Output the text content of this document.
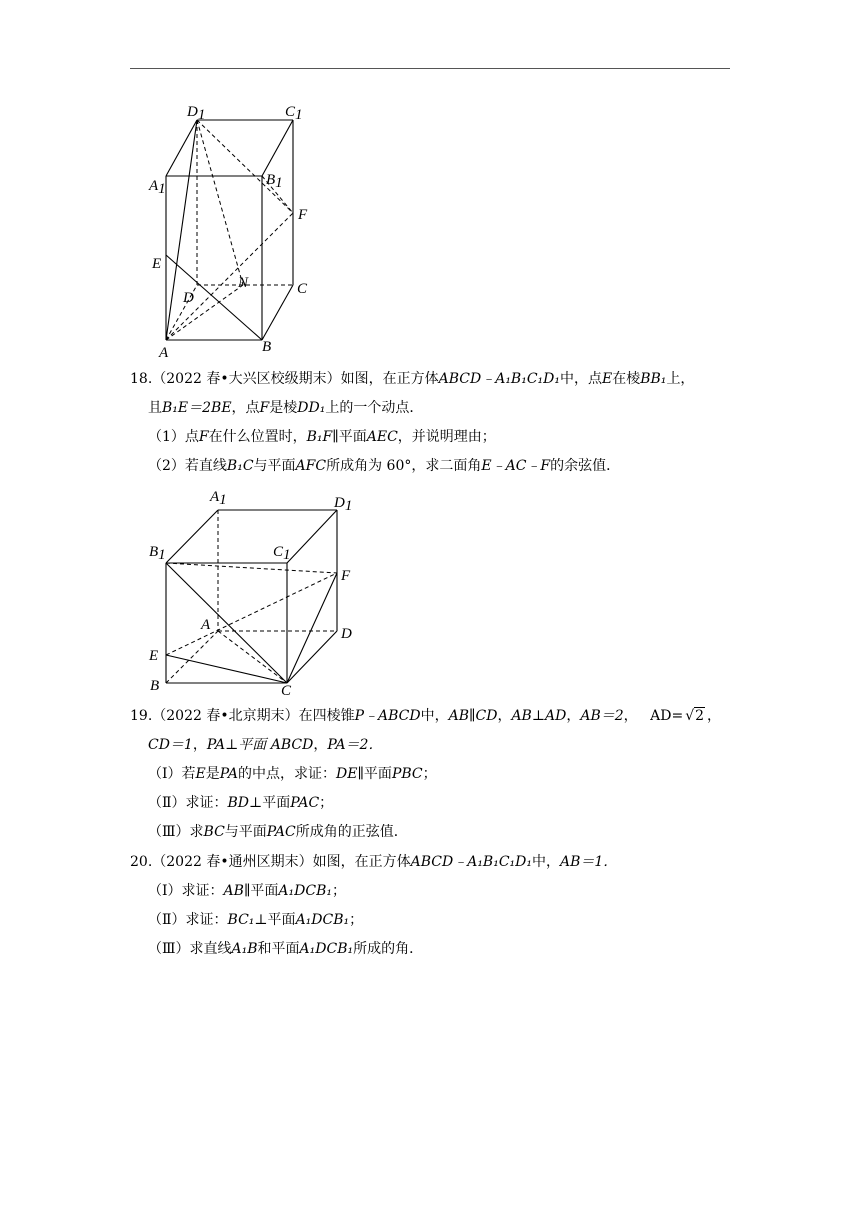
D1	C1
A1
B1
F
E
D
N	C
A	B
18.（2022 春•大兴区校级期末）如图，在正方体ABCD﹣A₁B₁C₁D₁中，点E在棱BB₁上，
且B₁E＝2BE，点F是棱DD₁上的一个动点．
（1）点F在什么位置时，B₁F∥平面AEC，并说明理由；
（2）若直线B₁C与平面AFC所成角为 60°，求二面角E﹣AC﹣F的余弦值．
A1	D1
B1	C1
F
A
D
E
B	C
19.（2022 春•北京期末）在四棱锥P﹣ABCD中，AB∥CD，AB⊥AD，AB＝2， AD= √2 ，
CD＝1，PA⊥平面 ABCD，PA＝2．
（Ⅰ）若E是PA的中点，求证：DE∥平面PBC；
（Ⅱ）求证：BD⊥平面PAC；
（Ⅲ）求BC与平面PAC所成角的正弦值．
20.（2022 春•通州区期末）如图，在正方体ABCD﹣A₁B₁C₁D₁中，AB＝1．
（Ⅰ）求证：AB∥平面A₁DCB₁；
（Ⅱ）求证：BC₁⊥平面A₁DCB₁；
（Ⅲ）求直线A₁B和平面A₁DCB₁所成的角．
